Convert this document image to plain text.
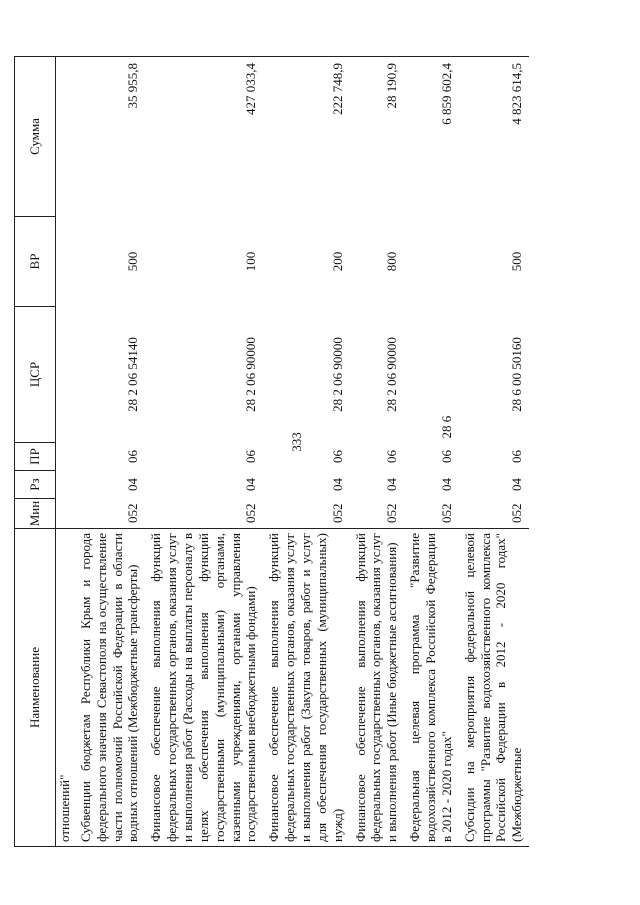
333
Наименование	Мин	Рз	ПР	ЦСР	ВР	Сумма
отношений"						
Субвенции бюджетам Республики Крым и города федерального значения Севастополя на осуществление части полномочий Российской Федерации в области водных отношений (Межбюджетные трансферты)	052	04	06	28 2 06 54140	500	35 955,8
Финансовое обеспечение выполнения функций федеральных государственных органов, оказания услуг и выполнения работ (Расходы на выплаты персоналу в целях обеспечения выполнения функций государственными (муниципальными) органами, казенными учреждениями, органами управления государственными внебюджетными фондами)	052	04	06	28 2 06 90000	100	427 033,4
Финансовое обеспечение выполнения функций федеральных государственных органов, оказания услуг и выполнения работ (Закупка товаров, работ и услуг для обеспечения государственных (муниципальных) нужд)	052	04	06	28 2 06 90000	200	222 748,9
Финансовое обеспечение выполнения функций федеральных государственных органов, оказания услуг и выполнения работ (Иные бюджетные ассигнования)	052	04	06	28 2 06 90000	800	28 190,9
Федеральная целевая программа "Развитие водохозяйственного комплекса Российской Федерации в 2012 - 2020 годах"	052	04	06	28 6		6 859 602,4
Субсидии на мероприятия федеральной целевой программы "Развитие водохозяйственного комплекса Российской Федерации в 2012 - 2020 годах" (Межбюджетные	052	04	06	28 6 00 50160	500	4 823 614,5
